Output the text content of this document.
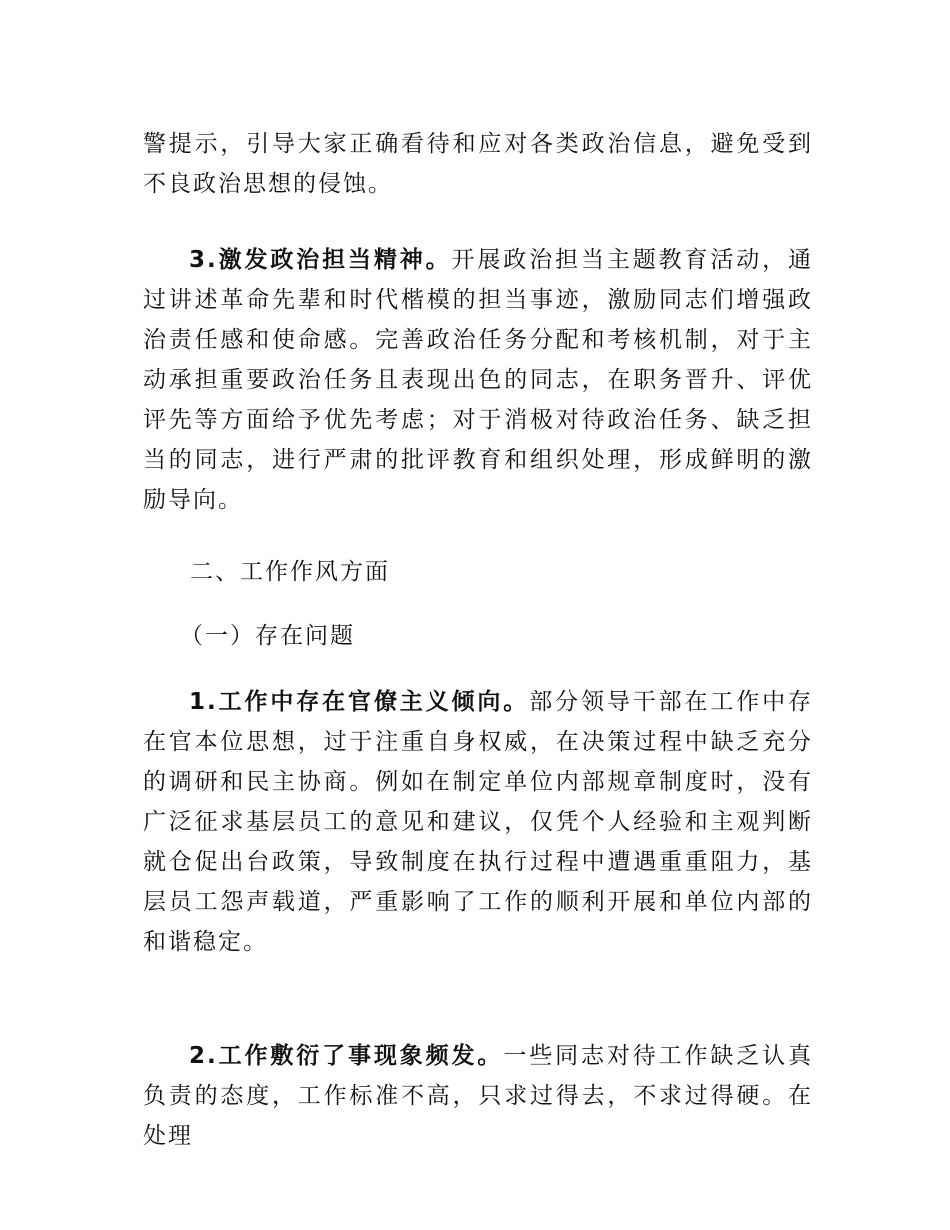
警提示，引导大家正确看待和应对各类政治信息，避免受到不良政治思想的侵蚀。

3.激发政治担当精神。开展政治担当主题教育活动，通过讲述革命先辈和时代楷模的担当事迹，激励同志们增强政治责任感和使命感。完善政治任务分配和考核机制，对于主动承担重要政治任务且表现出色的同志，在职务晋升、评优评先等方面给予优先考虑；对于消极对待政治任务、缺乏担当的同志，进行严肃的批评教育和组织处理，形成鲜明的激励导向。

二、工作作风方面

（一）存在问题

1.工作中存在官僚主义倾向。部分领导干部在工作中存在官本位思想，过于注重自身权威，在决策过程中缺乏充分的调研和民主协商。例如在制定单位内部规章制度时，没有广泛征求基层员工的意见和建议，仅凭个人经验和主观判断就仓促出台政策，导致制度在执行过程中遭遇重重阻力，基层员工怨声载道，严重影响了工作的顺利开展和单位内部的和谐稳定。

2.工作敷衍了事现象频发。一些同志对待工作缺乏认真负责的态度，工作标准不高，只求过得去，不求过得硬。在处理
